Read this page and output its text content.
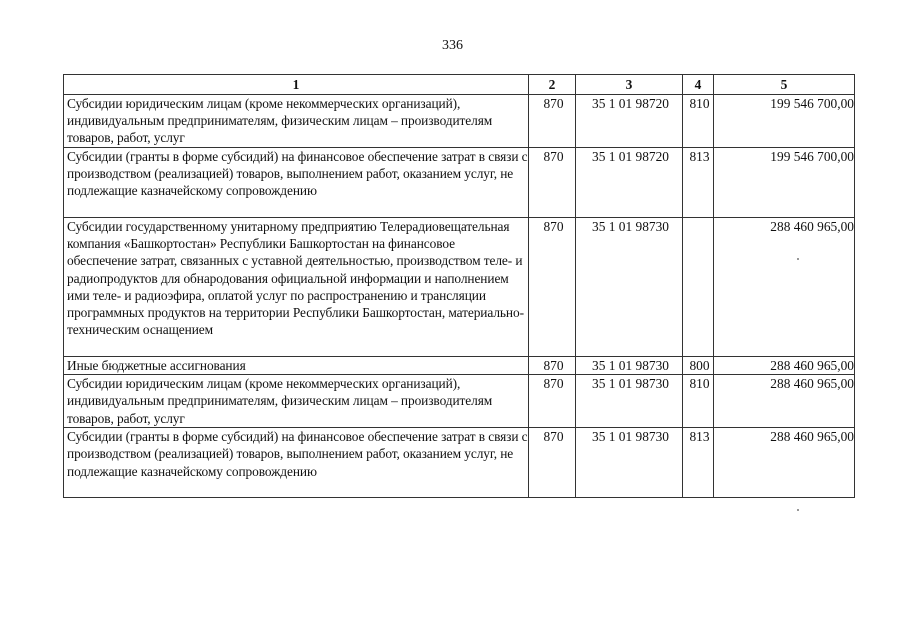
336
1	2	3	4	5
Субсидии юридическим лицам (кроме некоммерческих организаций), индивидуальным предпринимателям, физическим лицам – производителям товаров, работ, услуг	870	35 1 01 98720	810	199 546 700,00
Субсидии (гранты в форме субсидий) на финансовое обеспечение затрат в связи с производством (реализацией) товаров, выполнением работ, оказанием услуг, не подлежащие казначейскому сопровождению	870	35 1 01 98720	813	199 546 700,00
Субсидии государственному унитарному предприятию Телерадиовещательная компания «Башкортостан» Республики Башкортостан на финансовое обеспечение затрат, связанных с уставной деятельностью, производством теле- и радиопродуктов для обнародования официальной информации и наполнением ими теле- и радиоэфира, оплатой услуг по распространению и трансляции программных продуктов на территории Республики Башкортостан, материально-техническим оснащением	870	35 1 01 98730		288 460 965,00
Иные бюджетные ассигнования	870	35 1 01 98730	800	288 460 965,00
Субсидии юридическим лицам (кроме некоммерческих организаций), индивидуальным предпринимателям, физическим лицам – производителям товаров, работ, услуг	870	35 1 01 98730	810	288 460 965,00
Субсидии (гранты в форме субсидий) на финансовое обеспечение затрат в связи с производством (реализацией) товаров, выполнением работ, оказанием услуг, не подлежащие казначейскому сопровождению	870	35 1 01 98730	813	288 460 965,00
